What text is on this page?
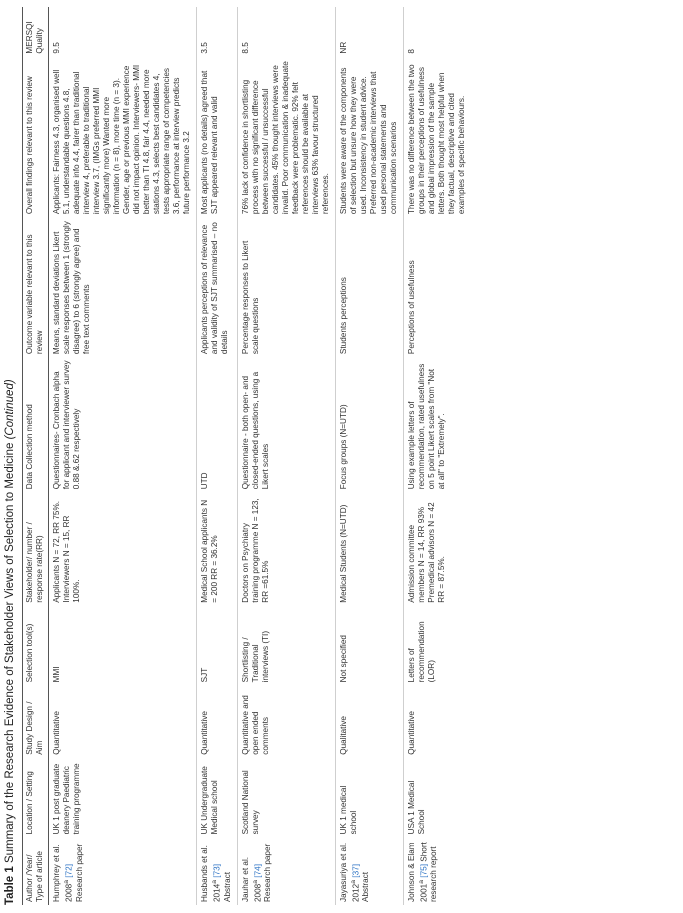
Table 1 Summary of the Research Evidence of Stakeholder Views of Selection to Medicine (Continued)
Author /Year/ Type of article	Location / Setting	Study Design / Aim	Selection tool(s)	Stakeholder/ number / response rate(RR)	Data Collection method	Outcome variable relevant to this review	Overall findings relevant to this review	MERSQI Quality
Humphrey et al. 2008$^a$ [72] Research paper	UK 1 post graduate deanery Paediatric training programme	Quantitative	MMI	Applicants N = 72, RR 75%. Interviewers N = 15, RR 100%.	Questionnaires- Cronbach alpha for applicant and interviewer survey 0.88 &.62 respectively	Means, standard deviations Likert scale responses between 1 (strongly disagree) to 6 (strongly agree) and free text comments	Applicants: Fairness 4.3, organised well 5.1, understandable questions 4.8, adequate info 4.4, fairer than traditional interview 4, preferable to traditional interview 3.7, (IMGs preferred MMI significantly more) Wanted more information (n = 8), more time (n = 3). Gender, age or previous MMI experience did not impact opinion. Interviewers- MMI better than TI 4.8, fair 4.4, needed more stations 4.3, selects best candidates 4, tests appropriate range of competencies 3.6, performance at interview predicts future performance 3.2	9.5
Husbands et al. 2014$^a$ [73] Abstract	UK Undergraduate Medical school	Quantitative	SJT	Medical School applicants N = 200 RR = 36.2%	UTD	Applicants perceptions of relevance and validity of SJT summarised – no details	Most applicants (no details) agreed that SJT appeared relevant and valid	3.5
Jauhar et al. 2008$^a$ [74] Research paper	Scotland National survey	Quantitative and open ended comments	Shortlisting / Traditional interviews (TI)	Doctors on Psychiatry training programme N = 123, RR =61.5%	Questionnaire - both open- and closed-ended questions, using a Likert scales	Percentage responses to Likert scale questions	76% lack of confidence in shortlisting process with no significant difference between successful / unsuccessful candidates. 45% thought interviews were invalid. Poor communication & inadequate feedback were problematic. 92% felt references should be available at interviews 63% favour structured references.	8.5
Jayasuriya et al. 2012$^a$ [37] Abstract	UK 1 medical school	Qualitative	Not specified	Medical Students (N=UTD)	Focus groups (N=UTD)	Students perceptions	Students were aware of the components of selection but unsure how they were used. Inconsistency in student advice. Preferred non-academic interviews that used personal statements and communication scenarios	NR
Johnson & Elam 2001$^a$ [75] Short research report	USA 1 Medical School	Quantitative	Letters of recommendation (LOR)	Admission committee members N = 14, RR 93% Premedical advisors N = 42 RR = 87.5%.	Using example letters of recommendation, rated usefulness on 5 point Likert scales from "Not at all" to "Extremely".	Perceptions of usefulness	There was no difference between the two groups in their perceptions of usefulness and global impression of the sample letters. Both thought most helpful when they factual, descriptive and cited examples of specific behaviours.	8
